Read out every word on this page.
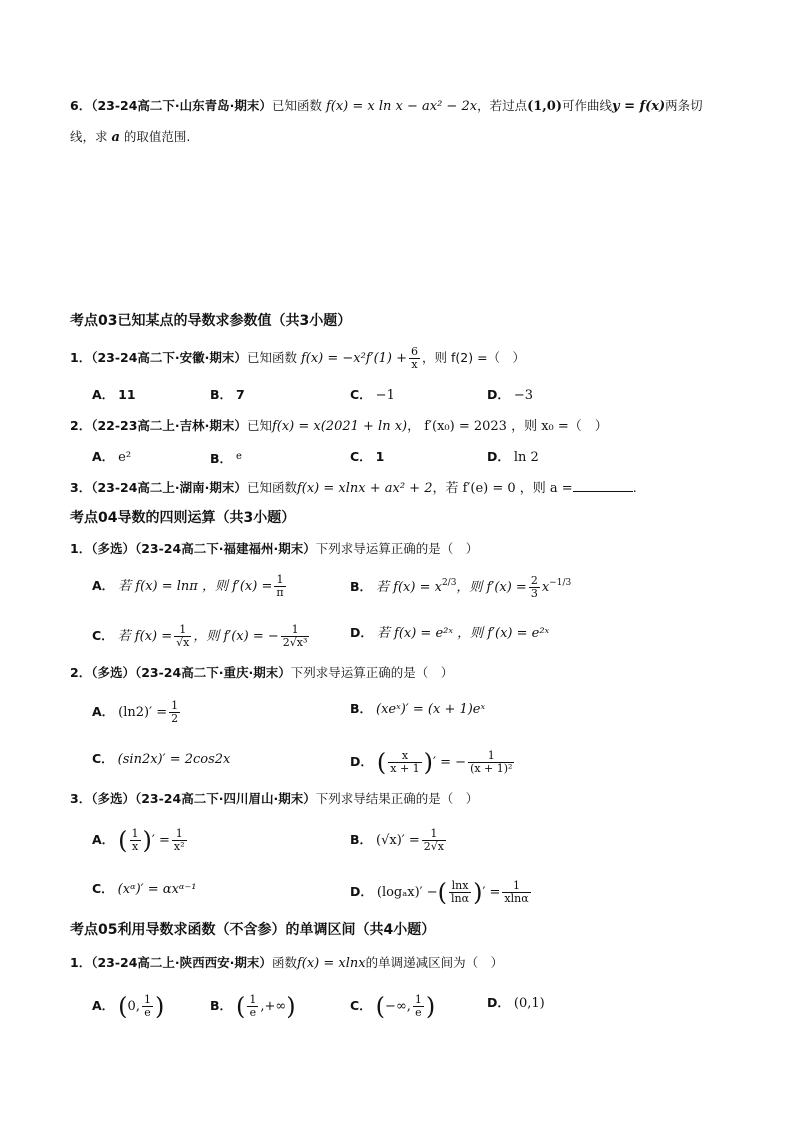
6．（23-24高二下·山东青岛·期末）已知函数 f(x) = x ln x − ax² − 2x，若过点(1,0)可作曲线y = f(x)两条切
线，求 a 的取值范围.
考点03已知某点的导数求参数值（共3小题）
1．（23-24高二下·安徽·期末）已知函数 $f(x) = -x^2f'(1) + \frac{6}{x}$ ，则 f(2) =（　）
A． 11	B． 7	C． −1	D． −3
2．（22-23高二上·吉林·期末）已知f(x) = x(2021 + ln x)， f′(x₀) = 2023 ，则 x₀ =（　）
A． e²	B． $^e$	C． 1	D． ln 2
3．（23-24高二上·湖南·期末）已知函数f(x) = xlnx + ax² + 2，若 f′(e) = 0 ，则 a =	.
考点04导数的四则运算（共3小题）
1．（多选）（23-24高二下·福建福州·期末）下列求导运算正确的是（　）
A． 若 f(x) = lnπ ，则 $f'(x) = \frac{1}{\pi}$	B． 若 $f(x) = x^{2/3}$，则 $f'(x) = \frac{2}{3} x^{-1/3}$
C． 若 $f(x) = \frac{1}{√x}$ ，则 f′(x) = − $\frac{1}{\text{2√x³}}$	D． 若 f(x) = e²ˣ ，则 f′(x) = e²ˣ
2．（多选）（23-24高二下·重庆·期末）下列求导运算正确的是（　）
A． $(\ln 2)' = \frac{1}{2}$	B． (xeˣ)′ = (x + 1)eˣ
C． (sin2x)′ = 2cos2x	D． ( $\frac{x}{x + 1}$ )′ = − $\frac{1}{\text{(x + 1)²}}$
3．（多选）（23-24高二下·四川眉山·期末）下列求导结果正确的是（　）
A． ( $\frac{1}{x}$ )′ = $\frac{1}{\text{x²}}$	B． $(√x)' = \frac{1}{2√x}$
C． (xᵅ)′ = αxᵅ⁻¹	D． (logₐx)′ −( $\frac{\ln x}{\ln\alpha}$ )′ = $\frac{1}{xln\alpha}$
考点05利用导数求函数（不含参）的单调区间（共4小题）
1．（23-24高二上·陕西西安·期末）函数f(x) = xlnx的单调递减区间为（　）
A． (0, $\frac{1}{e}$ )	B． ( $\frac{1}{e}$ ,+∞)	C． (−∞, $\frac{1}{e}$ )	D． (0,1)
